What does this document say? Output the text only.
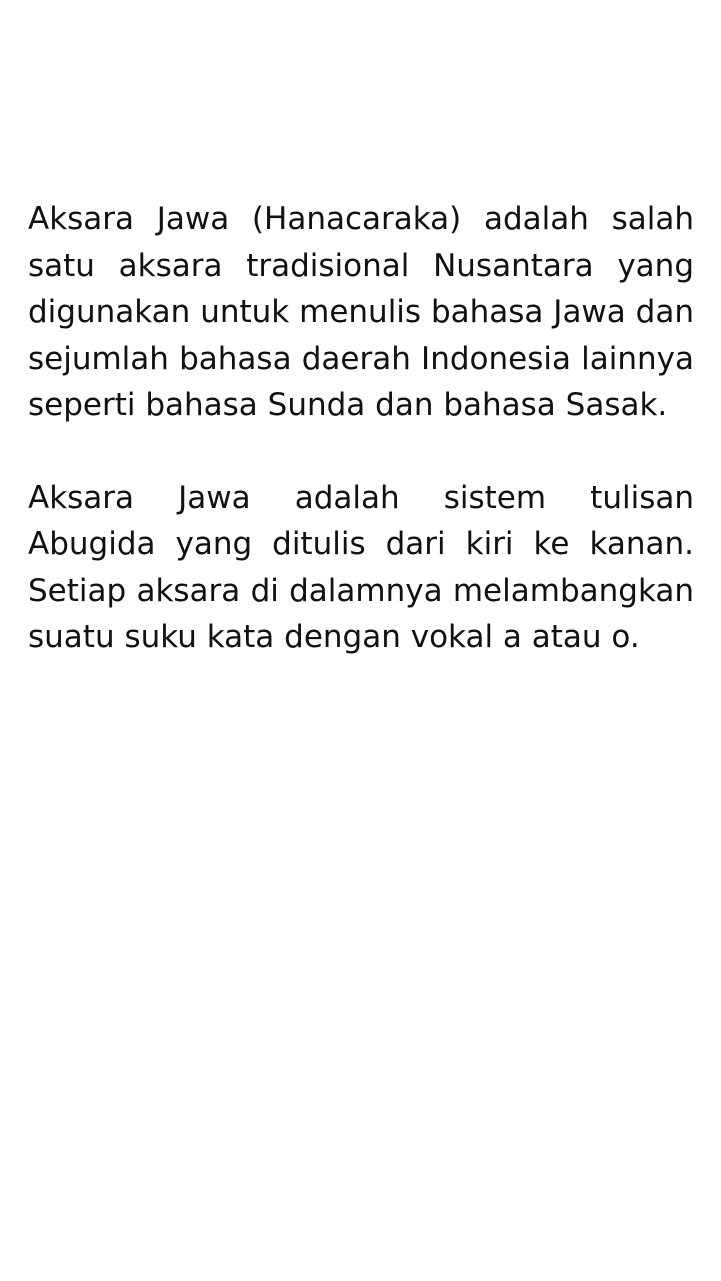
Aksara Jawa (Hanacaraka) adalah salah satu aksara tradisional Nusantara yang digunakan untuk menulis bahasa Jawa dan sejumlah bahasa daerah Indonesia lainnya seperti bahasa Sunda dan bahasa Sasak.

Aksara Jawa adalah sistem tulisan Abugida yang ditulis dari kiri ke kanan. Setiap aksara di dalamnya melambangkan suatu suku kata dengan vokal a atau o.
